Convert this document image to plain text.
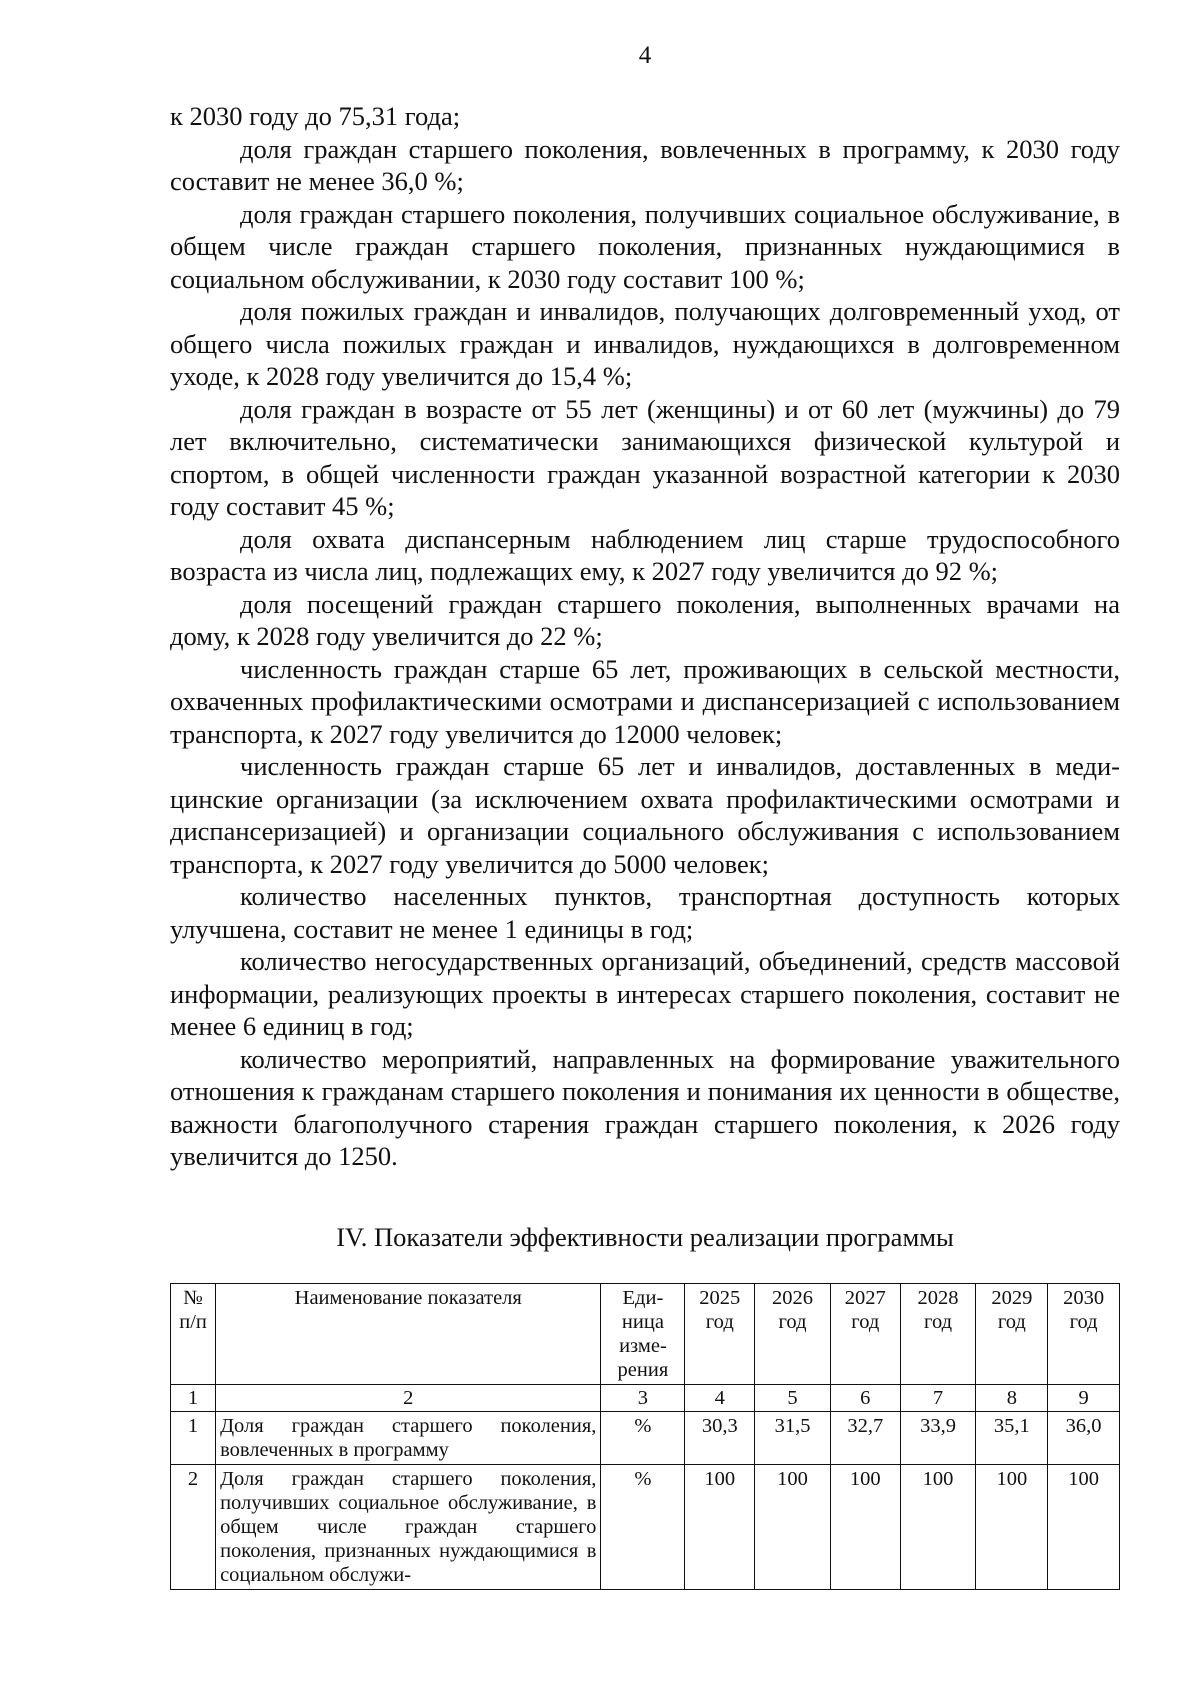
4

к 2030 году до 75,31 года;

доля граждан старшего поколения, вовлеченных в программу, к 2030 году составит не менее 36,0 %;

доля граждан старшего поколения, получивших социальное обслуживание, в общем числе граждан старшего поколения, признанных нуждающимися в социальном обслуживании, к 2030 году составит 100 %;

доля пожилых граждан и инвалидов, получающих долговременный уход, от общего числа пожилых граждан и инвалидов, нуждающихся в долговременном уходе, к 2028 году увеличится до 15,4 %;

доля граждан в возрасте от 55 лет (женщины) и от 60 лет (мужчины) до 79 лет включительно, систематически занимающихся физической культурой и спортом, в общей численности граждан указанной возрастной категории к 2030 году составит 45 %;

доля охвата диспансерным наблюдением лиц старше трудоспособного возраста из числа лиц, подлежащих ему, к 2027 году увеличится до 92 %;

доля посещений граждан старшего поколения, выполненных врачами на дому, к 2028 году увеличится до 22 %;

численность граждан старше 65 лет, проживающих в сельской местности, охваченных профилактическими осмотрами и диспансеризацией с использованием транспорта, к 2027 году увеличится до 12000 человек;

численность граждан старше 65 лет и инвалидов, доставленных в медицинские организации (за исключением охвата профилактическими осмотрами и диспансеризацией) и организации социального обслуживания с использованием транспорта, к 2027 году увеличится до 5000 человек;

количество населенных пунктов, транспортная доступность которых улучшена, составит не менее 1 единицы в год;

количество негосударственных организаций, объединений, средств массовой информации, реализующих проекты в интересах старшего поколения, составит не менее 6 единиц в год;

количество мероприятий, направленных на формирование уважительного отношения к гражданам старшего поколения и понимания их ценности в обществе, важности благополучного старения граждан старшего поколения, к 2026 году увеличится до 1250.

IV. Показатели эффективности реализации программы
№ п/п	Наименование показателя	Единица измерения	2025 год	2026 год	2027 год	2028 год	2029 год	2030 год
1	2	3	4	5	6	7	8	9
1	Доля граждан старшего поколения, вовлеченных в программу	%	30,3	31,5	32,7	33,9	35,1	36,0
2	Доля граждан старшего поколения, получивших социальное обслуживание, в общем числе граждан старшего поколения, признанных нуждающимися в социальном обслужи-	%	100	100	100	100	100	100
